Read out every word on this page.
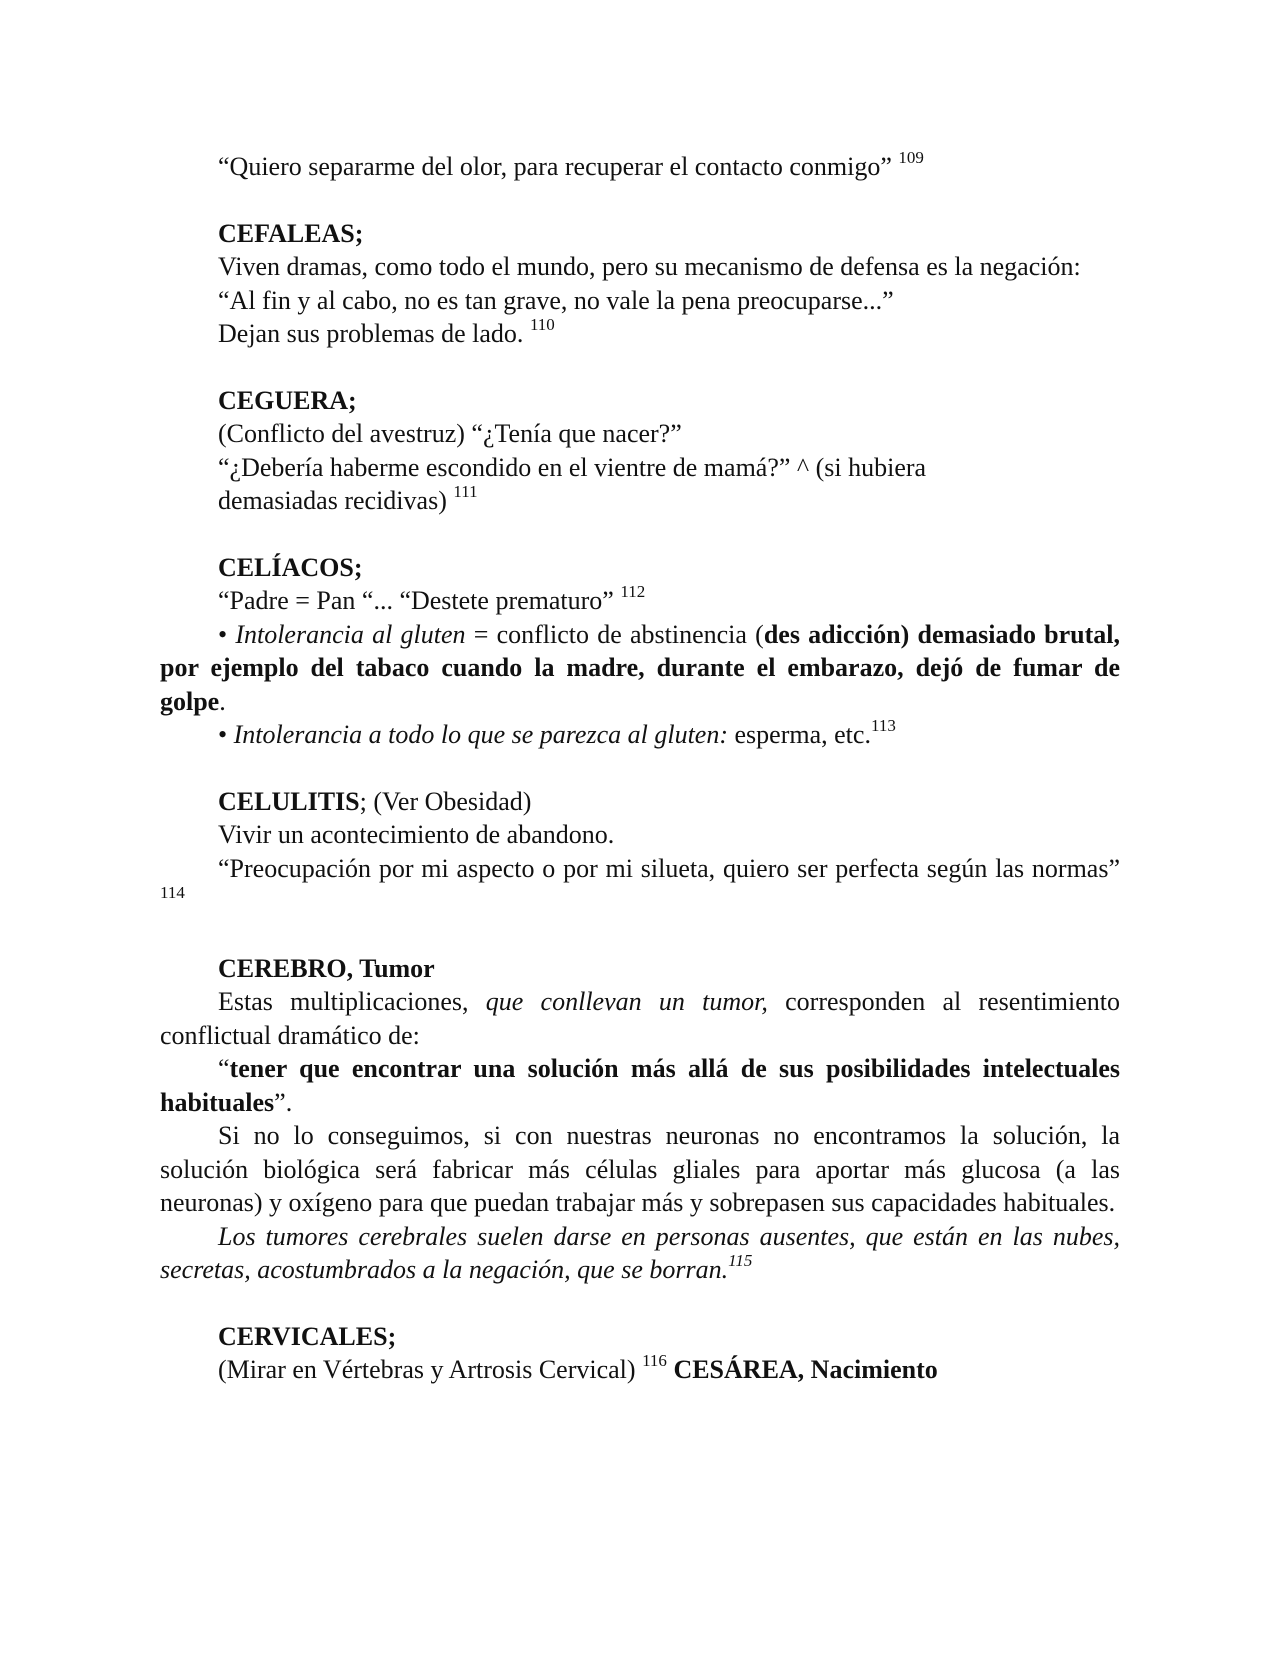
“Quiero separarme del olor, para recuperar el contacto conmigo” $^{109}$

CEFALEAS;

Viven dramas, como todo el mundo, pero su mecanismo de defensa es la negación:

“Al fin y al cabo, no es tan grave, no vale la pena preocuparse...”

Dejan sus problemas de lado. $^{110}$

CEGUERA;

(Conflicto del avestruz) “¿Tenía que nacer?”

“¿Debería haberme escondido en el vientre de mamá?” ^ (si hubiera demasiadas recidivas) $^{111}$

CELÍACOS;

“Padre = Pan “... “Destete prematuro” $^{112}$

• Intolerancia al gluten = conflicto de abstinencia (des adicción) demasiado brutal, por ejemplo del tabaco cuando la madre, durante el embarazo, dejó de fumar de golpe.

• Intolerancia a todo lo que se parezca al gluten: esperma, etc.$^{113}$

CELULITIS; (Ver Obesidad)

Vivir un acontecimiento de abandono.

“Preocupación por mi aspecto o por mi silueta, quiero ser perfecta según las normas” $^{114}$

CEREBRO, Tumor

Estas multiplicaciones, que conllevan un tumor, corresponden al resentimiento conflictual dramático de:

“tener que encontrar una solución más allá de sus posibilidades intelectuales habituales”.

Si no lo conseguimos, si con nuestras neuronas no encontramos la solución, la solución biológica será fabricar más células gliales para aportar más glucosa (a las neuronas) y oxígeno para que puedan trabajar más y sobrepasen sus capacidades habituales.

Los tumores cerebrales suelen darse en personas ausentes, que están en las nubes, secretas, acostumbrados a la negación, que se borran.$^{115}$

CERVICALES;

(Mirar en Vértebras y Artrosis Cervical) $^{116}$ CESÁREA, Nacimiento
